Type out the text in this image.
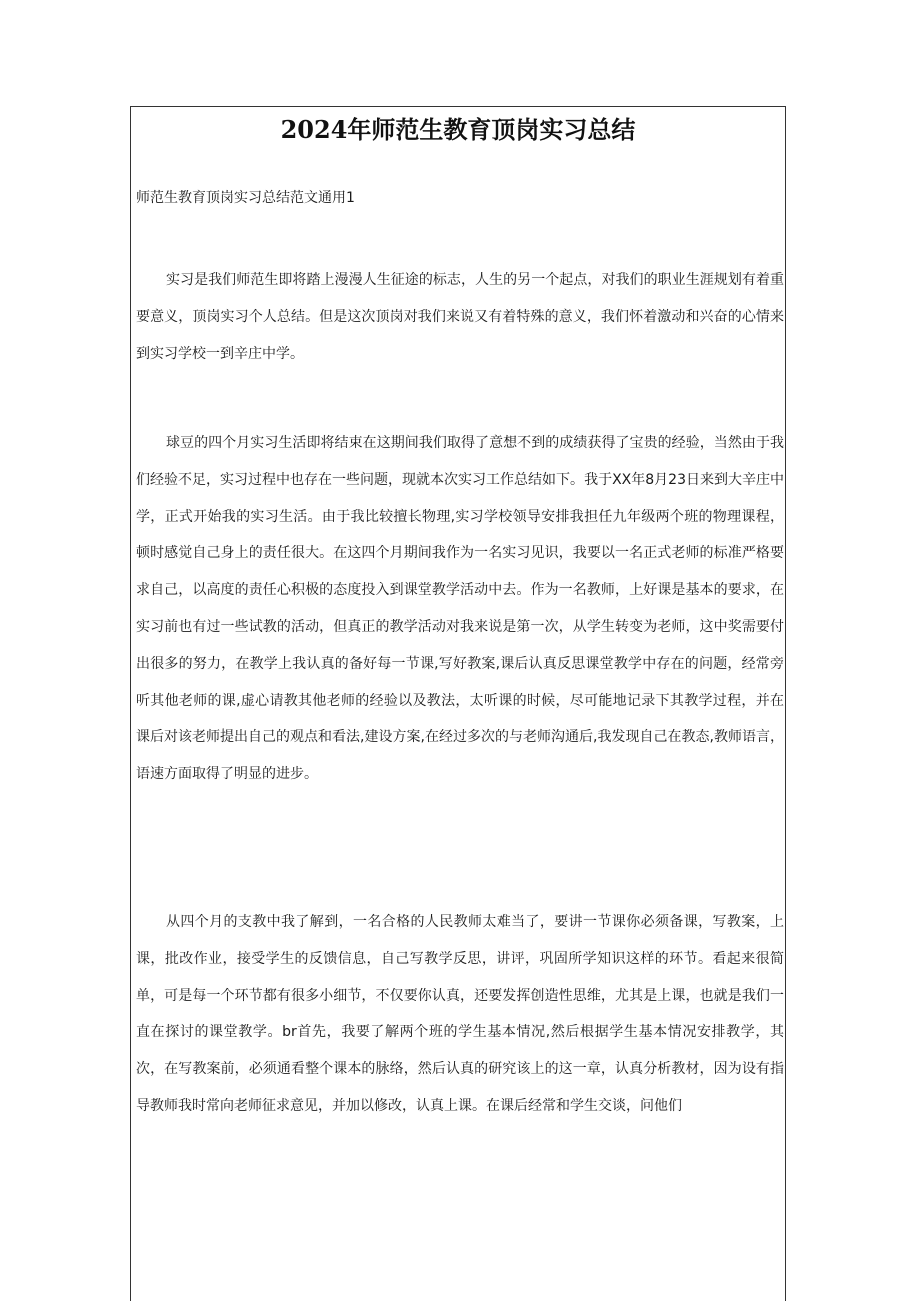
2024年师范生教育顶岗实习总结

师范生教育顶岗实习总结范文通用1

实习是我们师范生即将踏上漫漫人生征途的标志，人生的另一个起点，对我们的职业生涯规划有着重要意义，顶岗实习个人总结。但是这次顶岗对我们来说又有着特殊的意义，我们怀着激动和兴奋的心情来到实习学校一到辛庄中学。

球豆的四个月实习生活即将结束在这期间我们取得了意想不到的成绩获得了宝贵的经验，当然由于我们经验不足，实习过程中也存在一些问题，现就本次实习工作总结如下。我于XX年8月23日来到大辛庄中学，正式开始我的实习生活。由于我比较擅长物理,实习学校领导安排我担任九年级两个班的物理课程，顿时感觉自己身上的责任很大。在这四个月期间我作为一名实习见识，我要以一名正式老师的标准严格要求自己，以高度的责任心积极的态度投入到课堂教学活动中去。作为一名教师，上好课是基本的要求，在实习前也有过一些试教的活动，但真正的教学活动对我来说是第一次，从学生转变为老师，这中奖需要付出很多的努力，在教学上我认真的备好每一节课,写好教案,课后认真反思课堂教学中存在的问题，经常旁听其他老师的课,虚心请教其他老师的经验以及教法，太听课的时候，尽可能地记录下其教学过程，并在课后对该老师提出自己的观点和看法,建设方案,在经过多次的与老师沟通后,我发现自己在教态,教师语言，语速方面取得了明显的进步。

从四个月的支教中我了解到，一名合格的人民教师太难当了，要讲一节课你必须备课，写教案，上课，批改作业，接受学生的反馈信息，自己写教学反思，讲评，巩固所学知识这样的环节。看起来很简单，可是每一个环节都有很多小细节，不仅要你认真，还要发挥创造性思维，尤其是上课，也就是我们一直在探讨的课堂教学。br首先，我要了解两个班的学生基本情况,然后根据学生基本情况安排教学，其次，在写教案前，必须通看整个课本的脉络，然后认真的研究该上的这一章，认真分析教材，因为设有指导教师我时常向老师征求意见，并加以修改，认真上课。在课后经常和学生交谈，问他们
